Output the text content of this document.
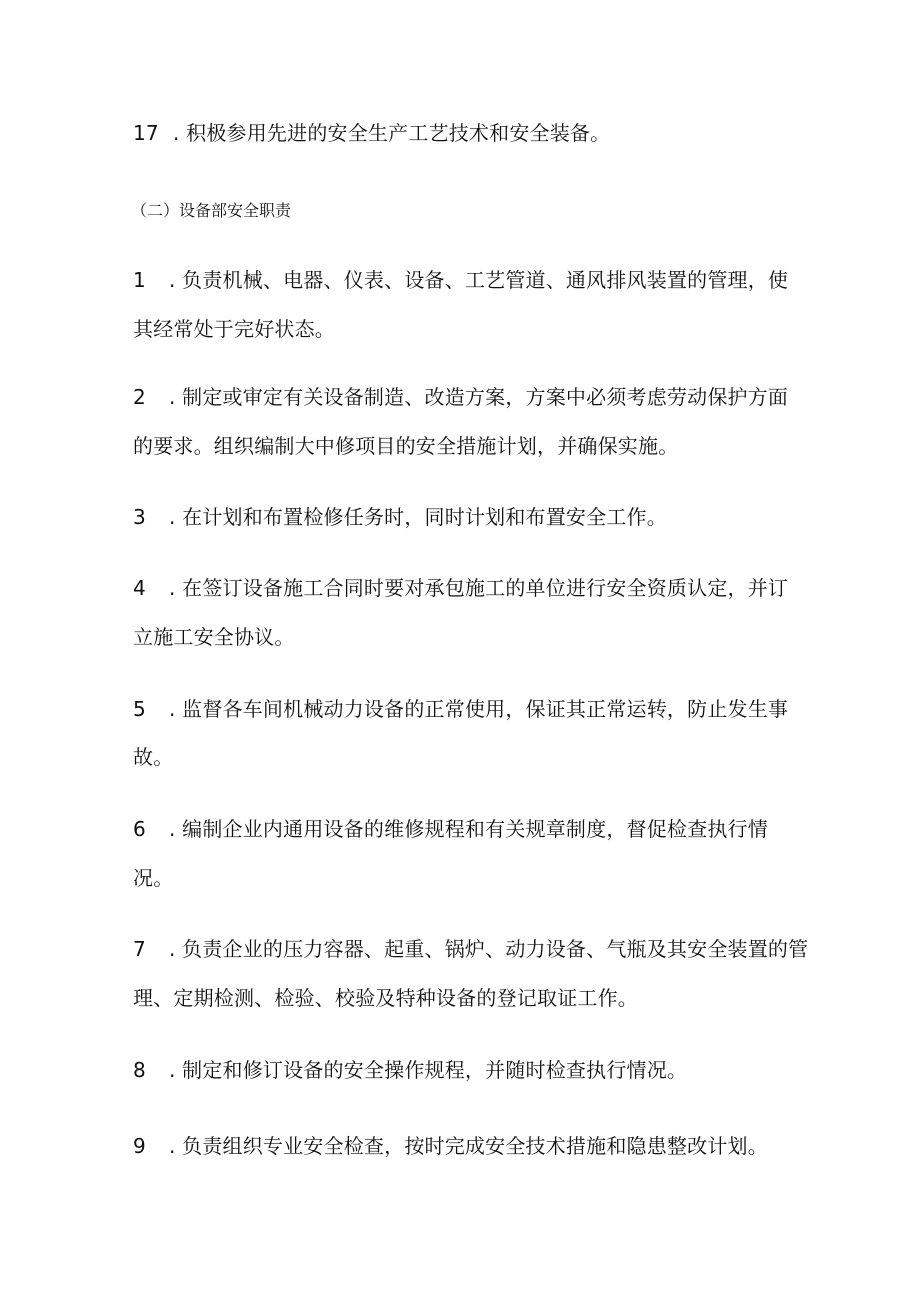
17 . 积极参用先进的安全生产工艺技术和安全装备。
（二）设备部安全职责
1 . 负责机械、电器、仪表、设备、工艺管道、通风排风装置的管理，使
其经常处于完好状态。
2 . 制定或审定有关设备制造、改造方案，方案中必须考虑劳动保护方面
的要求。组织编制大中修项目的安全措施计划，并确保实施。
3 . 在计划和布置检修任务时，同时计划和布置安全工作。
4 . 在签订设备施工合同时要对承包施工的单位进行安全资质认定，并订
立施工安全协议。
5 . 监督各车间机械动力设备的正常使用，保证其正常运转，防止发生事
故。
6 . 编制企业内通用设备的维修规程和有关规章制度，督促检查执行情
况。
7 . 负责企业的压力容器、起重、锅炉、动力设备、气瓶及其安全装置的管
理、定期检测、检验、校验及特种设备的登记取证工作。
8 . 制定和修订设备的安全操作规程，并随时检查执行情况。
9 . 负责组织专业安全检查，按时完成安全技术措施和隐患整改计划。
